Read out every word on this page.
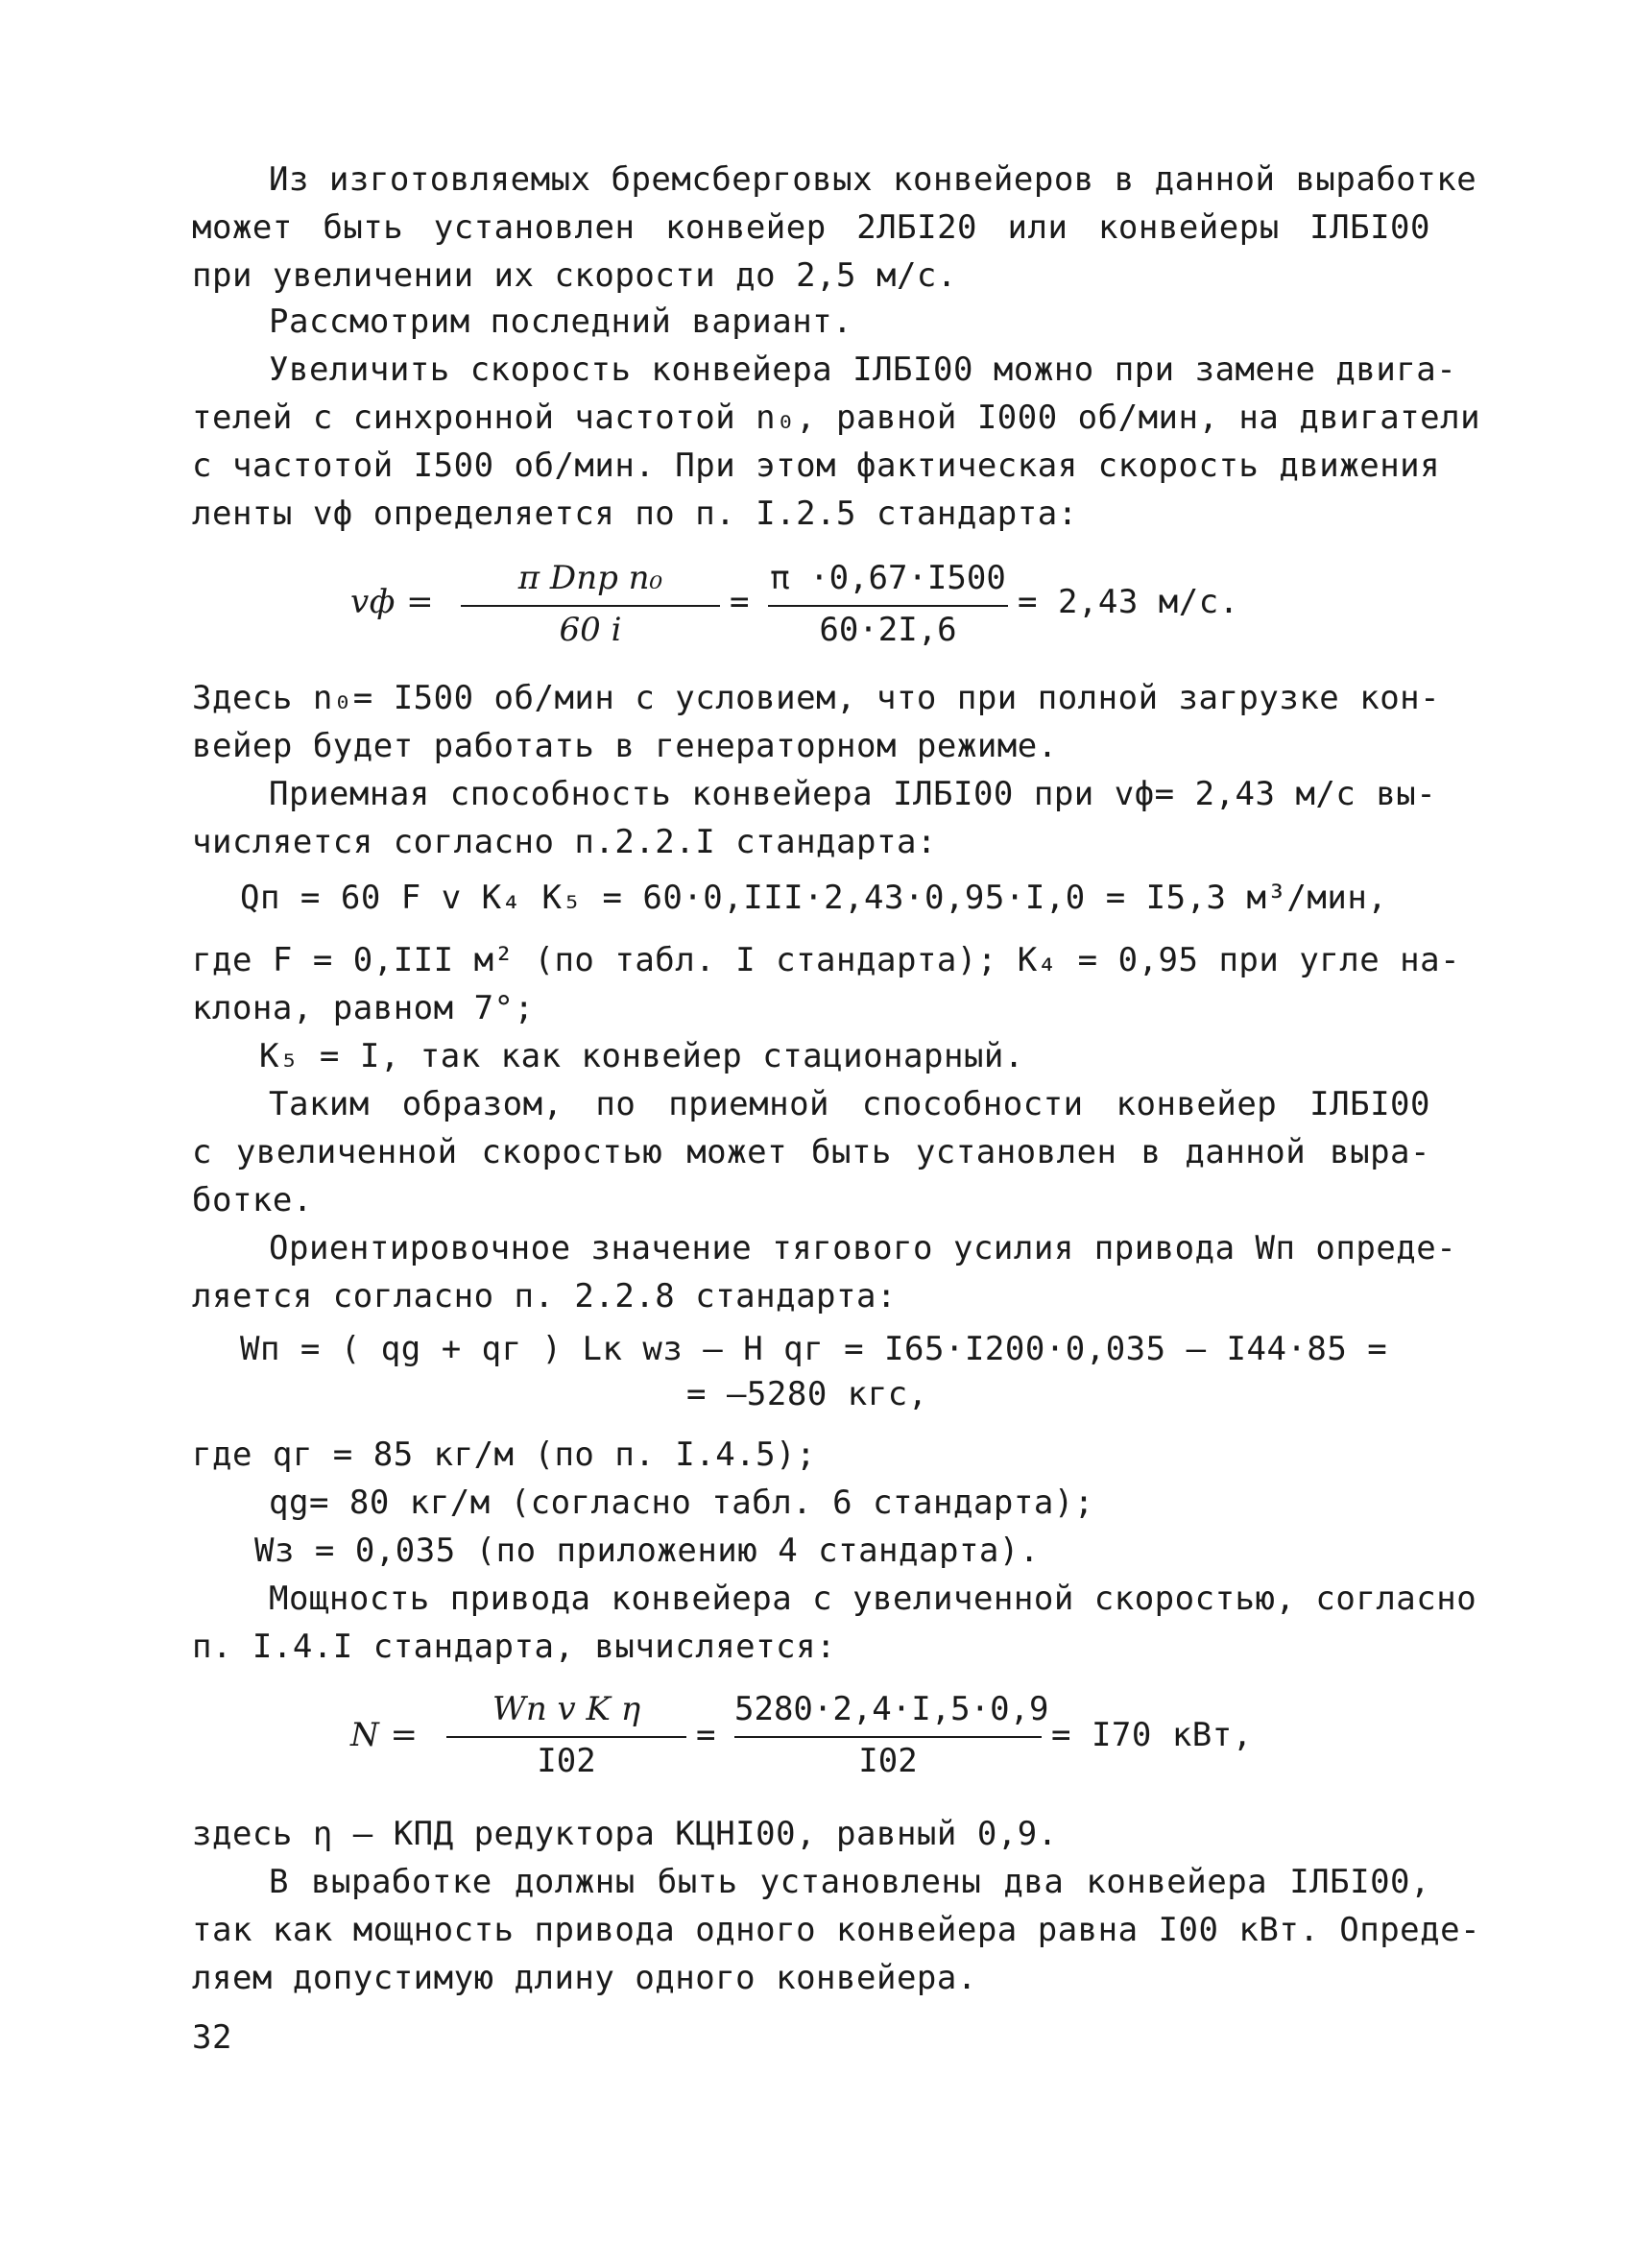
Из изготовляемых бремсберговых конвейеров в данной выработке
может быть установлен конвейер 2ЛБI20 или конвейеры IЛБI00
при увеличении их скорости до 2,5 м/с.
Рассмотрим последний вариант.
Увеличить скорость конвейера IЛБI00 можно при замене двига-
телей с синхронной частотой n₀, равной I000 об/мин, на двигатели
с частотой I500 об/мин. При этом фактическая скорость движения
ленты vф определяется по п. I.2.5 стандарта:
vф =
π Dпр n₀
60 i
=
π ·0,67·I500
60·2I,6
= 2,43 м/с.
Здесь n₀= I500 об/мин с условием, что при полной загрузке кон-
вейер будет работать в генераторном режиме.
Приемная способность конвейера IЛБI00 при vф= 2,43 м/с вы-
числяется согласно п.2.2.I стандарта:
Qп = 60 F v K₄ K₅ = 60·0,III·2,43·0,95·I,0 = I5,3 м³/мин,
где F = 0,III м² (по табл. I стандарта); K₄ = 0,95 при угле на-
клона, равном 7°;
K₅ = I, так как конвейер стационарный.
Таким образом, по приемной способности конвейер IЛБI00
с увеличенной скоростью может быть установлен в данной выра-
ботке.
Ориентировочное значение тягового усилия привода Wп опреде-
ляется согласно п. 2.2.8 стандарта:
Wп = ( qg + qг ) Lк wз – H qг = I65·I200·0,035 – I44·85 =
= –5280 кгс,
где qг = 85 кг/м (по п. I.4.5);
qg= 80 кг/м (согласно табл. 6 стандарта);
Wз = 0,035 (по приложению 4 стандарта).
Мощность привода конвейера с увеличенной скоростью, согласно
п. I.4.I стандарта, вычисляется:
N =
Wп v K η
I02
=
5280·2,4·I,5·0,9
I02
= I70 кВт,
здесь η – КПД редуктора КЦНI00, равный 0,9.
В выработке должны быть установлены два конвейера IЛБI00,
так как мощность привода одного конвейера равна I00 кВт. Опреде-
ляем допустимую длину одного конвейера.
32
